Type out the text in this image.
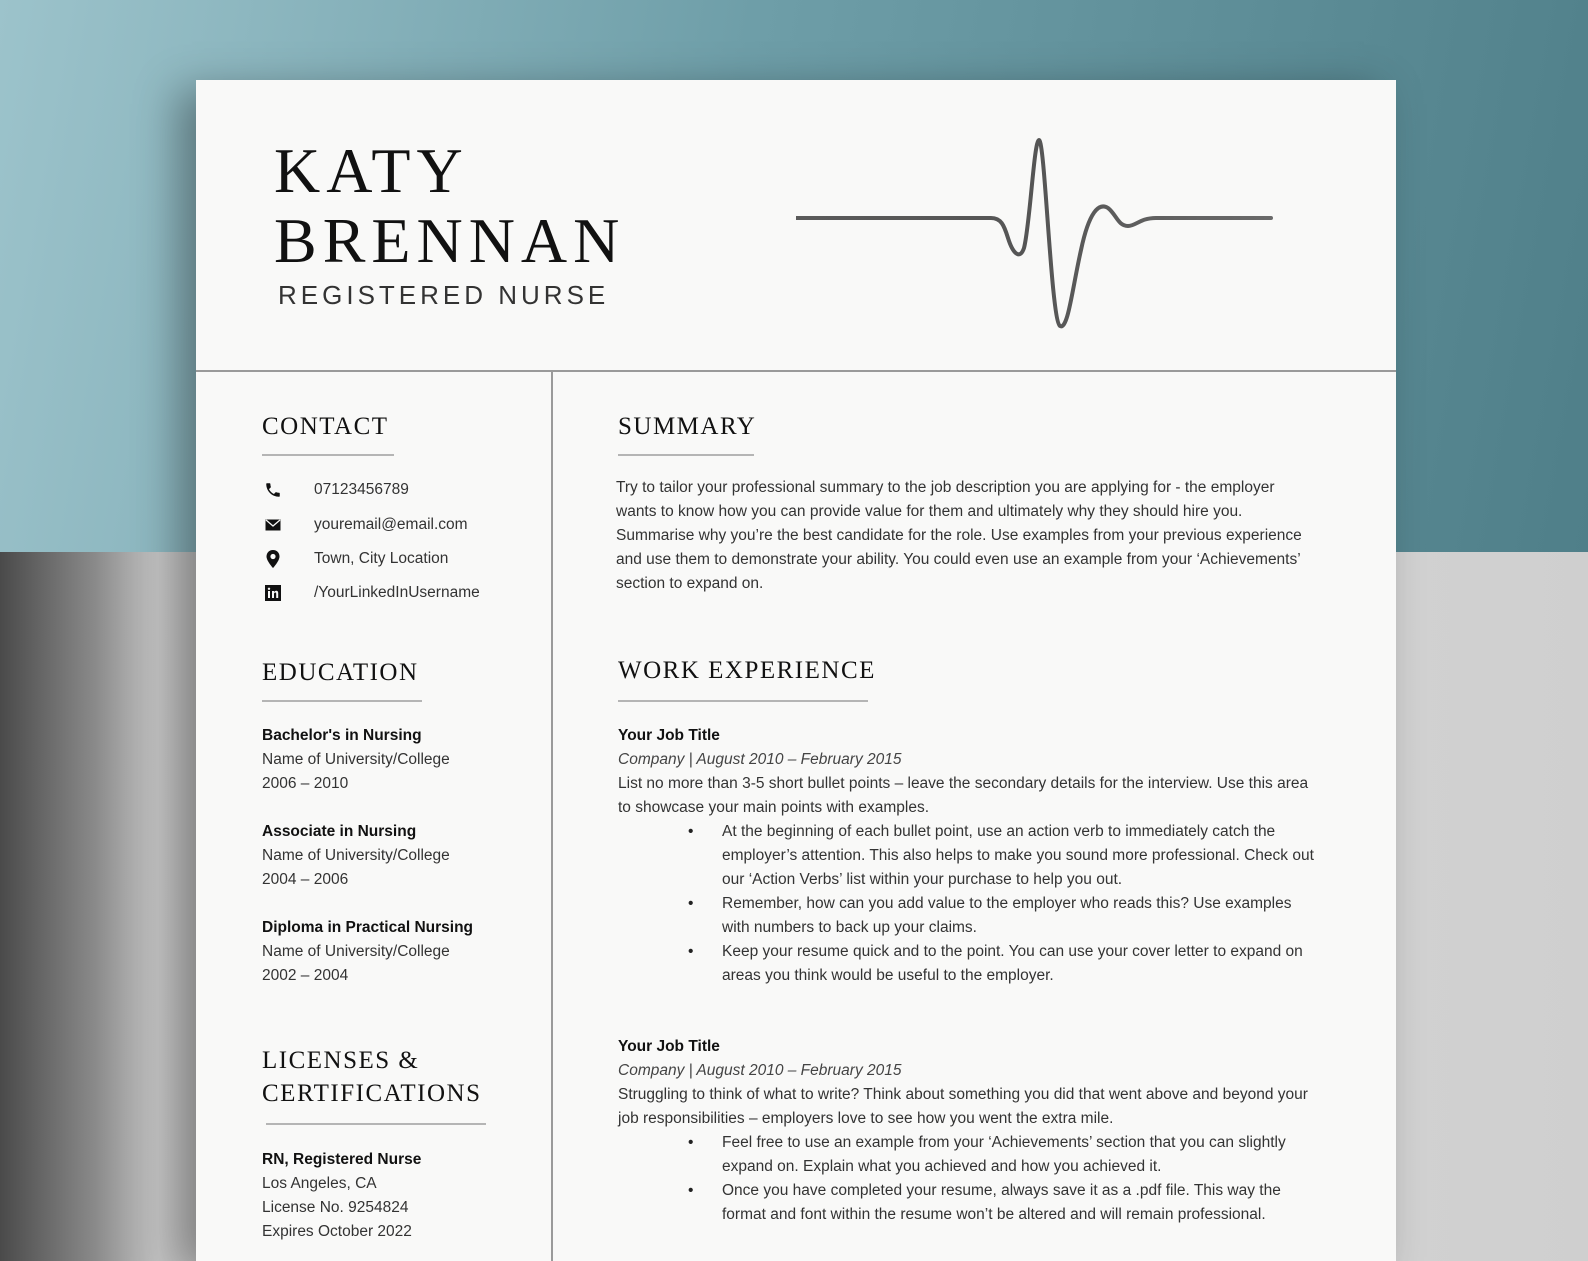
KATY
BRENNAN
REGISTERED NURSE
CONTACT
07123456789
youremail@email.com
Town, City Location
/YourLinkedInUsername
EDUCATION
Bachelor's in Nursing
Name of University/College
2006 – 2010
Associate in Nursing
Name of University/College
2004 – 2006
Diploma in Practical Nursing
Name of University/College
2002 – 2004
LICENSES &
CERTIFICATIONS
RN, Registered Nurse
Los Angeles, CA
License No. 9254824
Expires October 2022
SUMMARY
Try to tailor your professional summary to the job description you are applying for - the employer wants to know how you can provide value for them and ultimately why they should hire you. Summarise why you’re the best candidate for the role. Use examples from your previous experience and use them to demonstrate your ability. You could even use an example from your ‘Achievements’ section to expand on.
WORK EXPERIENCE
Your Job Title
Company | August 2010 – February 2015
List no more than 3-5 short bullet points – leave the secondary details for the interview. Use this area to showcase your main points with examples.
• At the beginning of each bullet point, use an action verb to immediately catch the employer’s attention. This also helps to make you sound more professional. Check out our ‘Action Verbs’ list within your purchase to help you out.
• Remember, how can you add value to the employer who reads this? Use examples with numbers to back up your claims.
• Keep your resume quick and to the point. You can use your cover letter to expand on areas you think would be useful to the employer.
Your Job Title
Company | August 2010 – February 2015
Struggling to think of what to write? Think about something you did that went above and beyond your job responsibilities – employers love to see how you went the extra mile.
• Feel free to use an example from your ‘Achievements’ section that you can slightly expand on. Explain what you achieved and how you achieved it.
• Once you have completed your resume, always save it as a .pdf file. This way the format and font within the resume won’t be altered and will remain professional.
